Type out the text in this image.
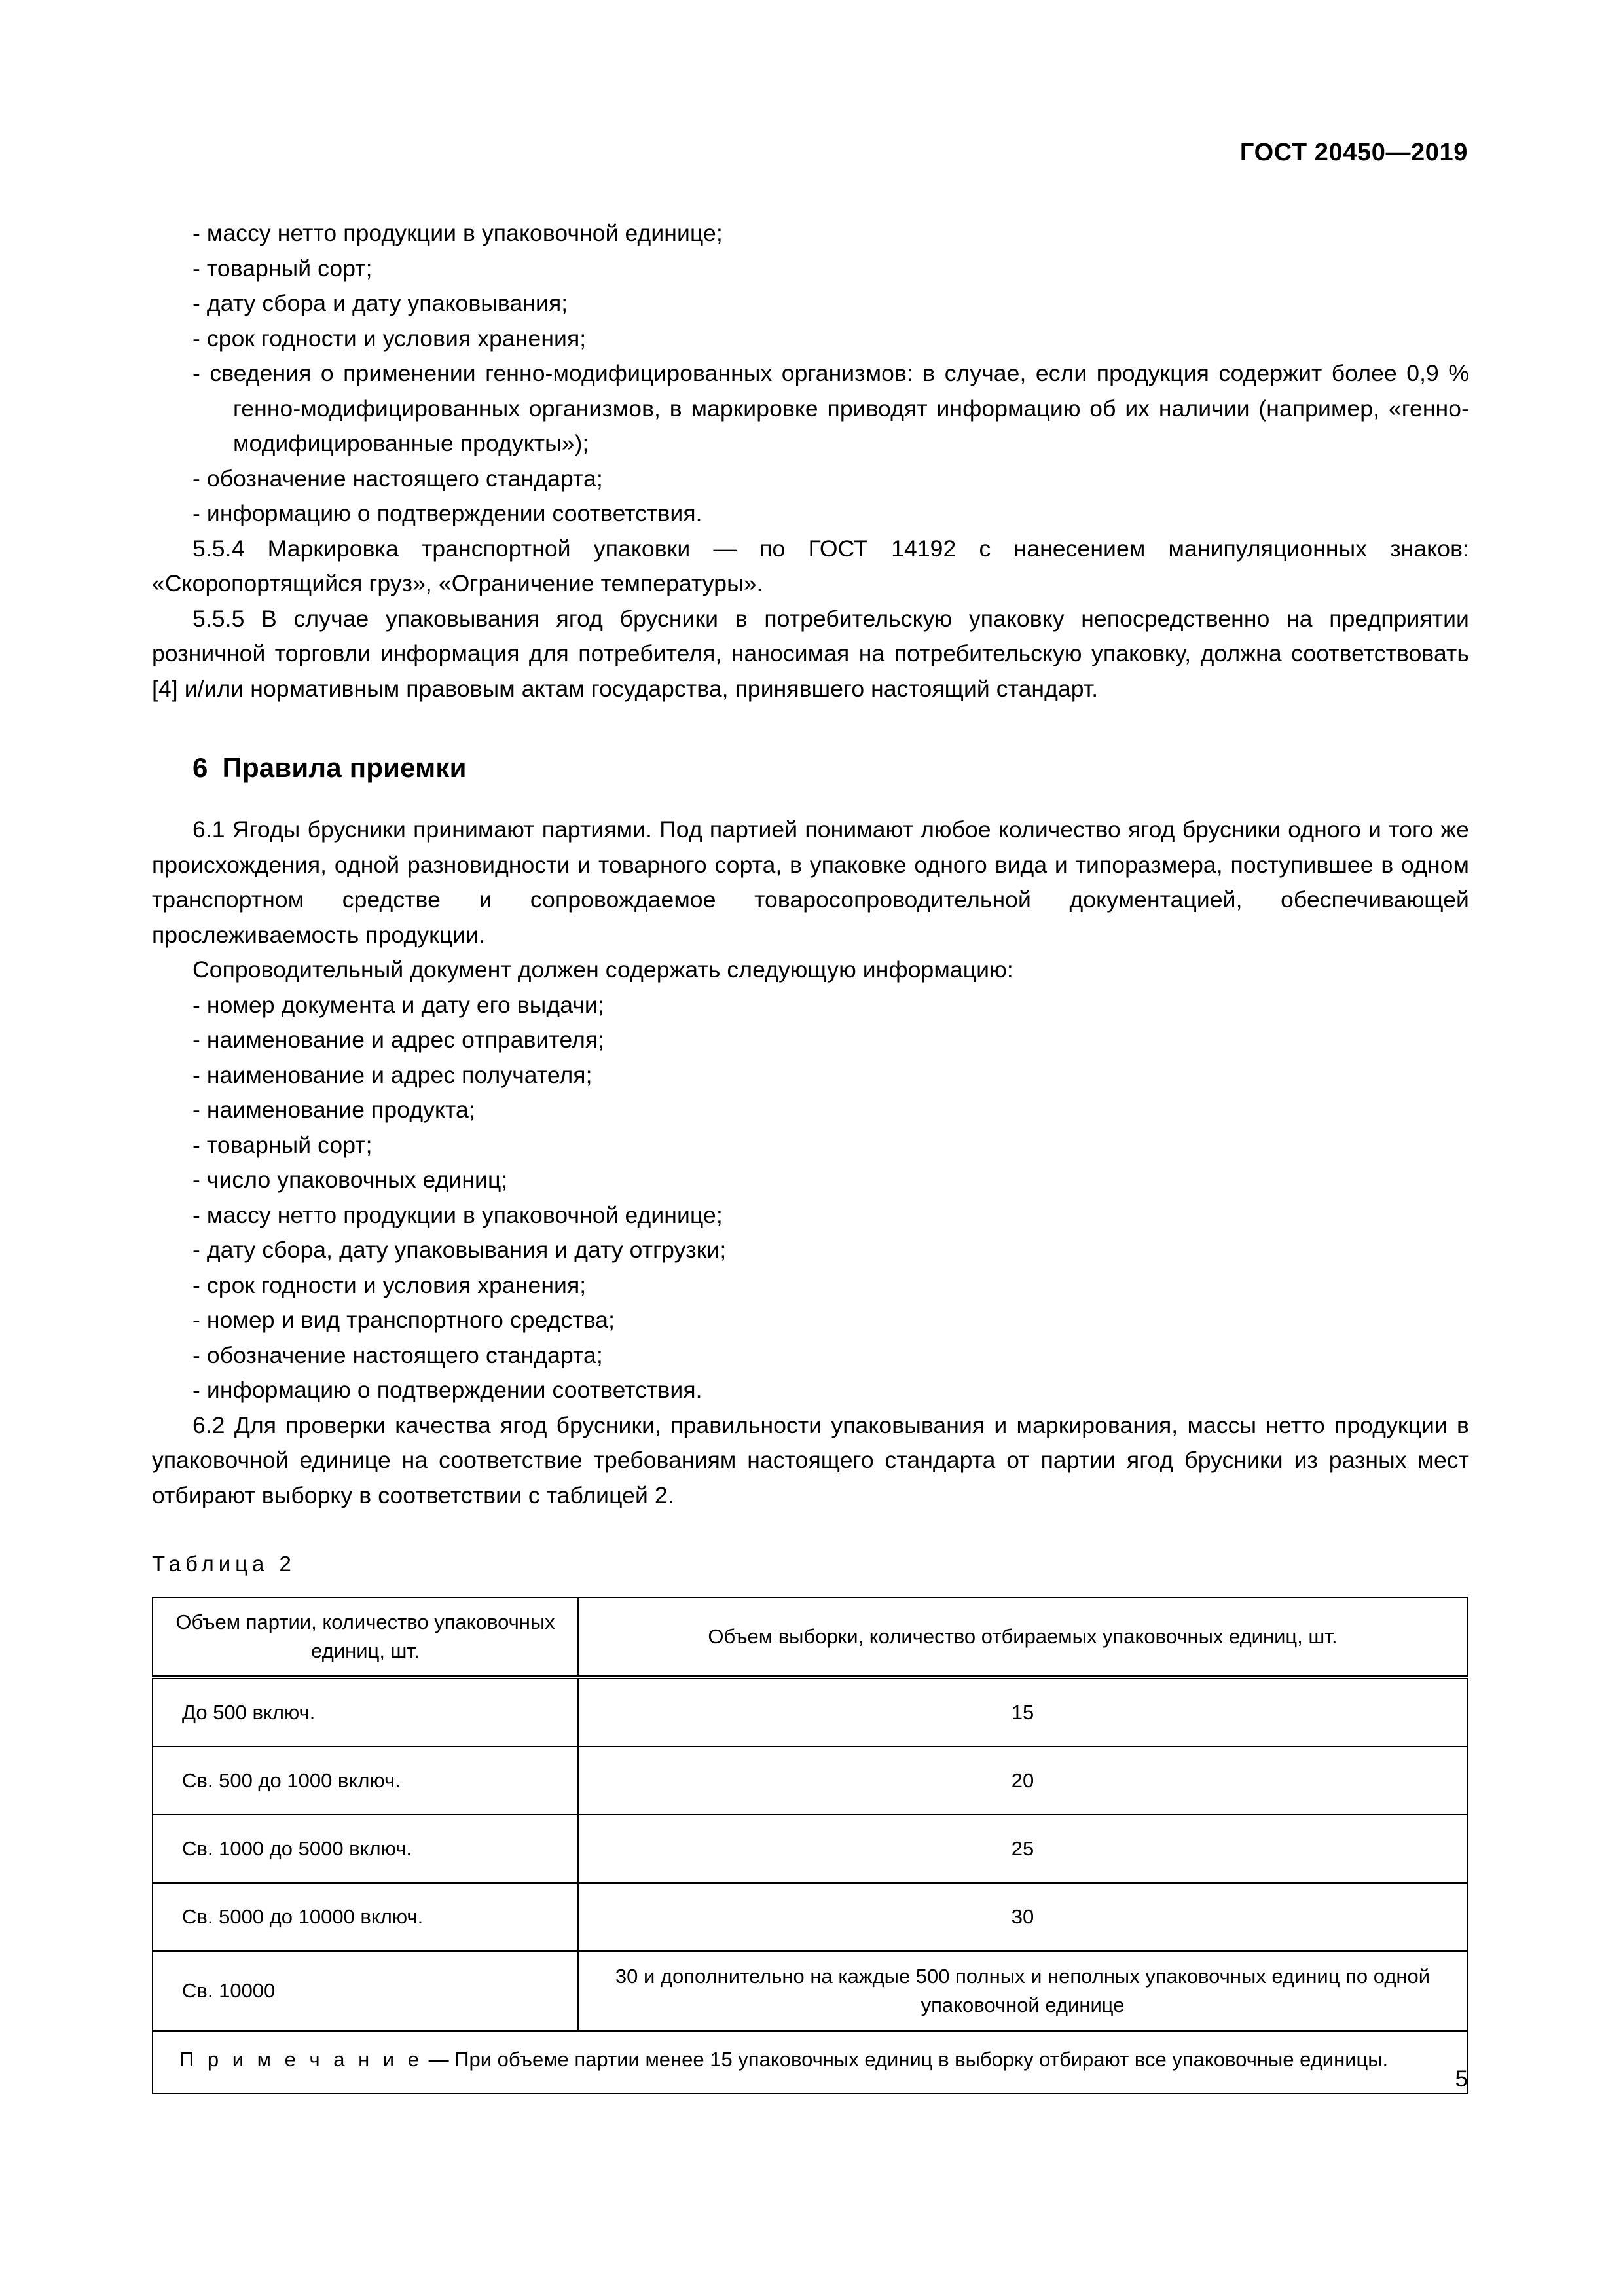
ГОСТ 20450—2019

- массу нетто продукции в упаковочной единице;

- товарный сорт;

- дату сбора и дату упаковывания;

- срок годности и условия хранения;

- сведения о применении генно-модифицированных организмов: в случае, если продукция содержит более 0,9 % генно-модифицированных организмов, в маркировке приводят информацию об их наличии (например, «генно-модифицированные продукты»);

- обозначение настоящего стандарта;

- информацию о подтверждении соответствия.

5.5.4 Маркировка транспортной упаковки — по ГОСТ 14192 с нанесением манипуляционных знаков: «Скоропортящийся груз», «Ограничение температуры».

5.5.5 В случае упаковывания ягод брусники в потребительскую упаковку непосредственно на предприятии розничной торговли информация для потребителя, наносимая на потребительскую упаковку, должна соответствовать [4] и/или нормативным правовым актам государства, принявшего настоящий стандарт.

6 Правила приемки

6.1 Ягоды брусники принимают партиями. Под партией понимают любое количество ягод брусники одного и того же происхождения, одной разновидности и товарного сорта, в упаковке одного вида и типоразмера, поступившее в одном транспортном средстве и сопровождаемое товаросопроводительной документацией, обеспечивающей прослеживаемость продукции.

Сопроводительный документ должен содержать следующую информацию:

- номер документа и дату его выдачи;

- наименование и адрес отправителя;

- наименование и адрес получателя;

- наименование продукта;

- товарный сорт;

- число упаковочных единиц;

- массу нетто продукции в упаковочной единице;

- дату сбора, дату упаковывания и дату отгрузки;

- срок годности и условия хранения;

- номер и вид транспортного средства;

- обозначение настоящего стандарта;

- информацию о подтверждении соответствия.

6.2 Для проверки качества ягод брусники, правильности упаковывания и маркирования, массы нетто продукции в упаковочной единице на соответствие требованиям настоящего стандарта от партии ягод брусники из разных мест отбирают выборку в соответствии с таблицей 2.

Таблица 2
Объем партии, количество упаковочных единиц, шт.	Объем выборки, количество отбираемых упаковочных единиц, шт.
До 500 включ.	15
Св. 500 до 1000 включ.	20
Св. 1000 до 5000 включ.	25
Св. 5000 до 10000 включ.	30
Св. 10000	30 и дополнительно на каждые 500 полных и неполных упаковочных единиц по одной упаковочной единице
П р и м е ч а н и е — При объеме партии менее 15 упаковочных единиц в выборку отбирают все упаковочные единицы.	
5
